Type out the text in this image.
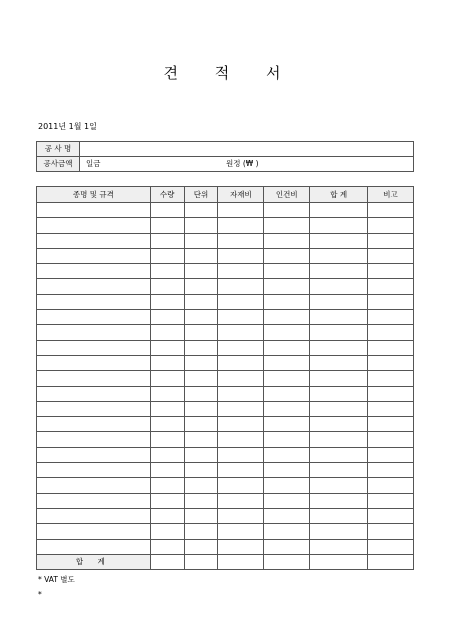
견 적 서
2011년 1월 1일
공 사 명	
공사금액	일금 원정 (₩ )
종명 및 규격	수량	단위	자재비	인건비	합 계	비고

합 계						
* VAT 별도
*
